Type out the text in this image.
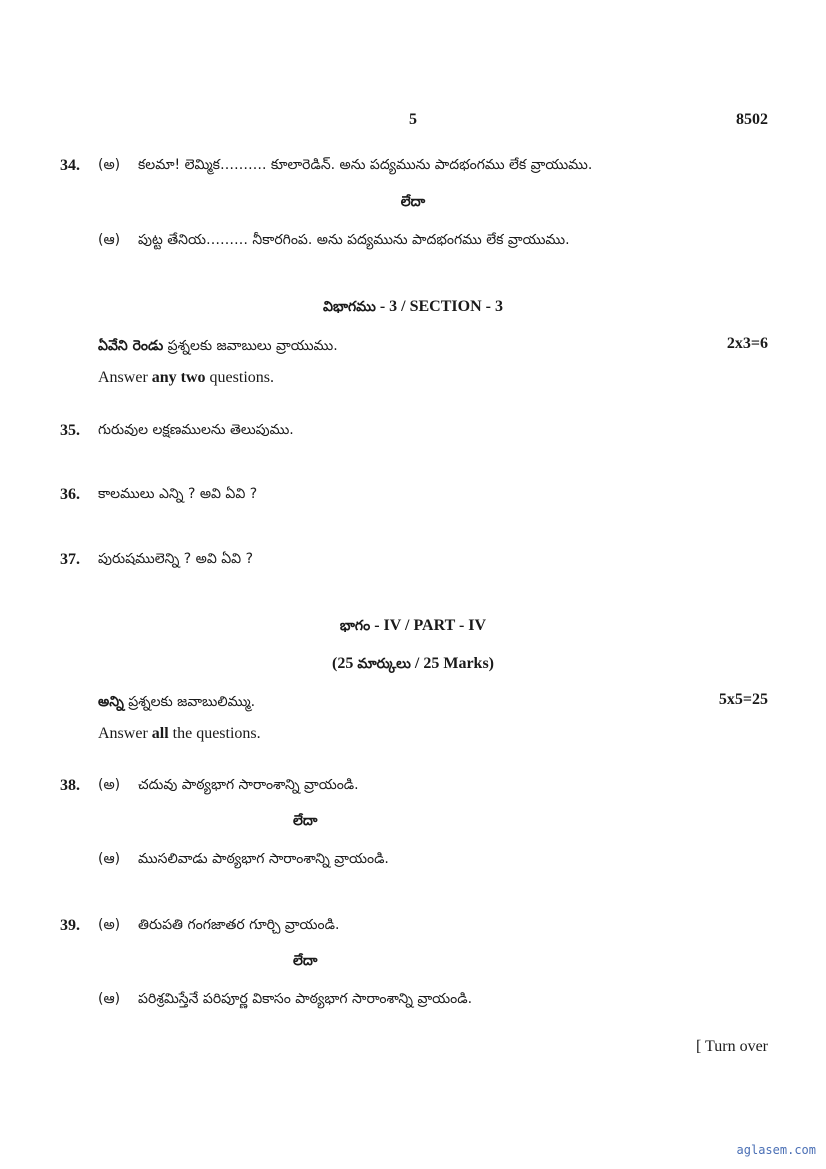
5	8502
34. (అ) కలమా! లెమ్మిక………. కూలారెడిన్. అను పద్యమును పాదభంగము లేక వ్రాయుము.
లేదా
(ఆ) పుట్ట తేనియ……… నీకారగింప. అను పద్యమును పాదభంగము లేక వ్రాయుము.
విభాగము - 3 / SECTION - 3
ఏవేని రెండు ప్రశ్నలకు జవాబులు వ్రాయుము.	2x3=6
Answer any two questions.
35. గురువుల లక్షణములను తెలుపుము.
36. కాలములు ఎన్ని ? అవి ఏవి ?
37. పురుషములెన్ని ? అవి ఏవి ?
భాగం - IV / PART - IV
(25 మార్కులు / 25 Marks)
అన్ని ప్రశ్నలకు జవాబులిమ్ము.	5x5=25
Answer all the questions.
38. (అ) చదువు పాఠ్యభాగ సారాంశాన్ని వ్రాయండి.
లేదా
(ఆ) ముసలివాడు పాఠ్యభాగ సారాంశాన్ని వ్రాయండి.
39. (అ) తిరుపతి గంగజాతర గూర్చి వ్రాయండి.
లేదా
(ఆ) పరిశ్రమిస్తేనే పరిపూర్ణ వికాసం పాఠ్యభాగ సారాంశాన్ని వ్రాయండి.
[ Turn over
aglasem.com
